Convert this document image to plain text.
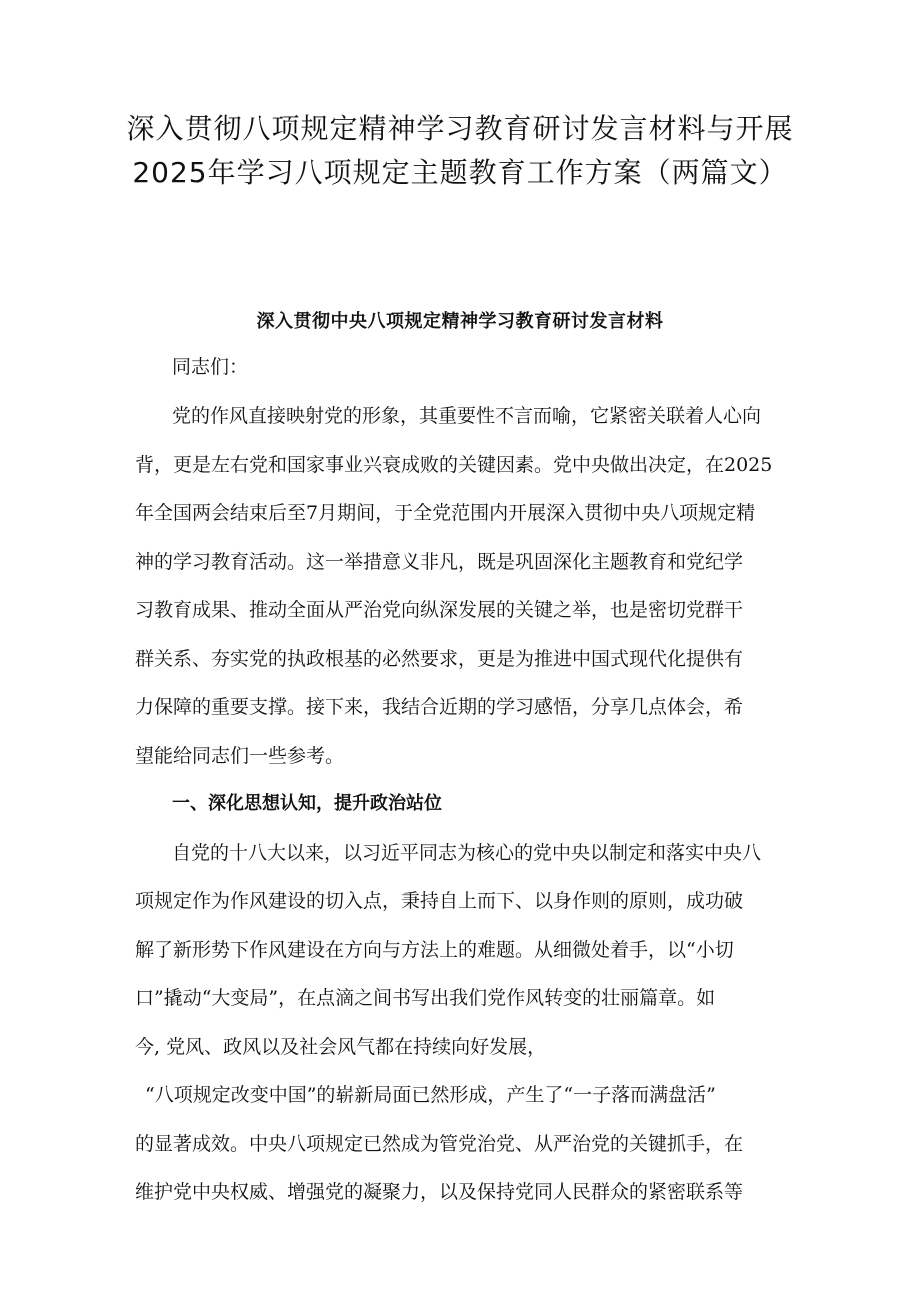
深入贯彻八项规定精神学习教育研讨发言材料与开展
2025年学习八项规定主题教育工作方案（两篇文）
深入贯彻中央八项规定精神学习教育研讨发言材料
同志们：
党的作风直接映射党的形象，其重要性不言而喻，它紧密关联着人心向
背，更是左右党和国家事业兴衰成败的关键因素。党中央做出决定，在2025
年全国两会结束后至7月期间，于全党范围内开展深入贯彻中央八项规定精
神的学习教育活动。这一举措意义非凡，既是巩固深化主题教育和党纪学
习教育成果、推动全面从严治党向纵深发展的关键之举，也是密切党群干
群关系、夯实党的执政根基的必然要求，更是为推进中国式现代化提供有
力保障的重要支撑。接下来，我结合近期的学习感悟，分享几点体会，希
望能给同志们一些参考。
一、深化思想认知，提升政治站位
自党的十八大以来，以习近平同志为核心的党中央以制定和落实中央八
项规定作为作风建设的切入点，秉持自上而下、以身作则的原则，成功破
解了新形势下作风建设在方向与方法上的难题。从细微处着手，以“小切
口”撬动“大变局”，在点滴之间书写出我们党作风转变的壮丽篇章。如
今, 党风、政风以及社会风气都在持续向好发展，
“八项规定改变中国”的崭新局面已然形成，产生了“一子落而满盘活”
的显著成效。中央八项规定已然成为管党治党、从严治党的关键抓手，在
维护党中央权威、增强党的凝聚力，以及保持党同人民群众的紧密联系等
